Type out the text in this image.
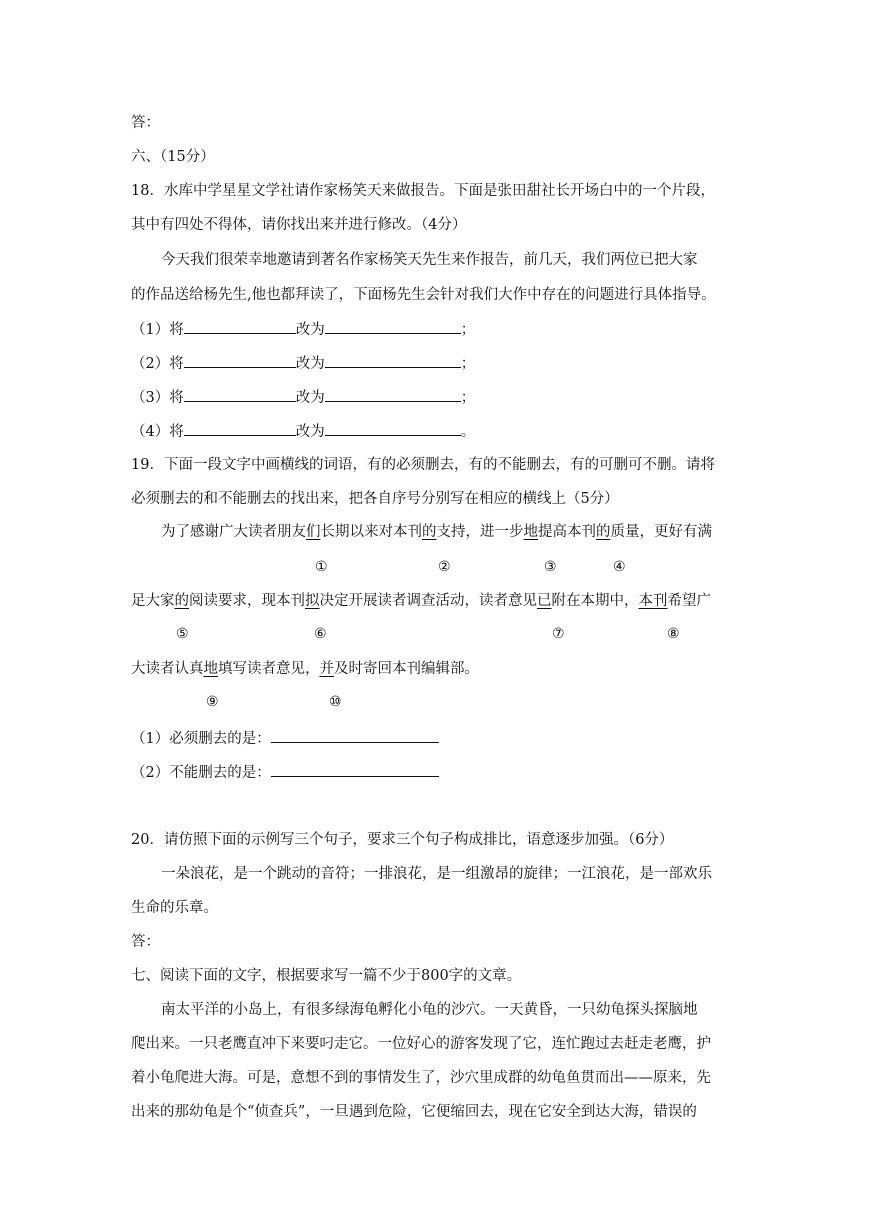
答：
六、（15分）
18．水库中学星星文学社请作家杨笑天来做报告。下面是张田甜社长开场白中的一个片段，
其中有四处不得体，请你找出来并进行修改。（4分）
今天我们很荣幸地邀请到著名作家杨笑天先生来作报告，前几天，我们两位已把大家
的作品送给杨先生,他也都拜读了，下面杨先生会针对我们大作中存在的问题进行具体指导。
（1）将	改为	；
（2）将	改为	；
（3）将	改为	；
（4）将	改为	。
19．下面一段文字中画横线的词语，有的必须删去，有的不能删去，有的可删可不删。请将
必须删去的和不能删去的找出来，把各自序号分别写在相应的横线上（5分）
为了感谢广大读者朋友们长期以来对本刊的支持，进一步地提高本刊的质量，更好有满
①	②	③	④
足大家的阅读要求，现本刊拟决定开展读者调查活动，读者意见已附在本期中，本刊希望广
⑤	⑥	⑦	⑧
大读者认真地填写读者意见，并及时寄回本刊编辑部。
⑨	⑩
（1）必须删去的是：
（2）不能删去的是：
20．请仿照下面的示例写三个句子，要求三个句子构成排比，语意逐步加强。（6分）
一朵浪花，是一个跳动的音符；一排浪花，是一组激昂的旋律；一江浪花，是一部欢乐
生命的乐章。
答：
七、阅读下面的文字，根据要求写一篇不少于800字的文章。
南太平洋的小岛上，有很多绿海龟孵化小龟的沙穴。一天黄昏，一只幼龟探头探脑地
爬出来。一只老鹰直冲下来要叼走它。一位好心的游客发现了它，连忙跑过去赶走老鹰，护
着小龟爬进大海。可是，意想不到的事情发生了，沙穴里成群的幼龟鱼贯而出——原来，先
出来的那幼龟是个“侦查兵”，一旦遇到危险，它便缩回去，现在它安全到达大海，错误的
